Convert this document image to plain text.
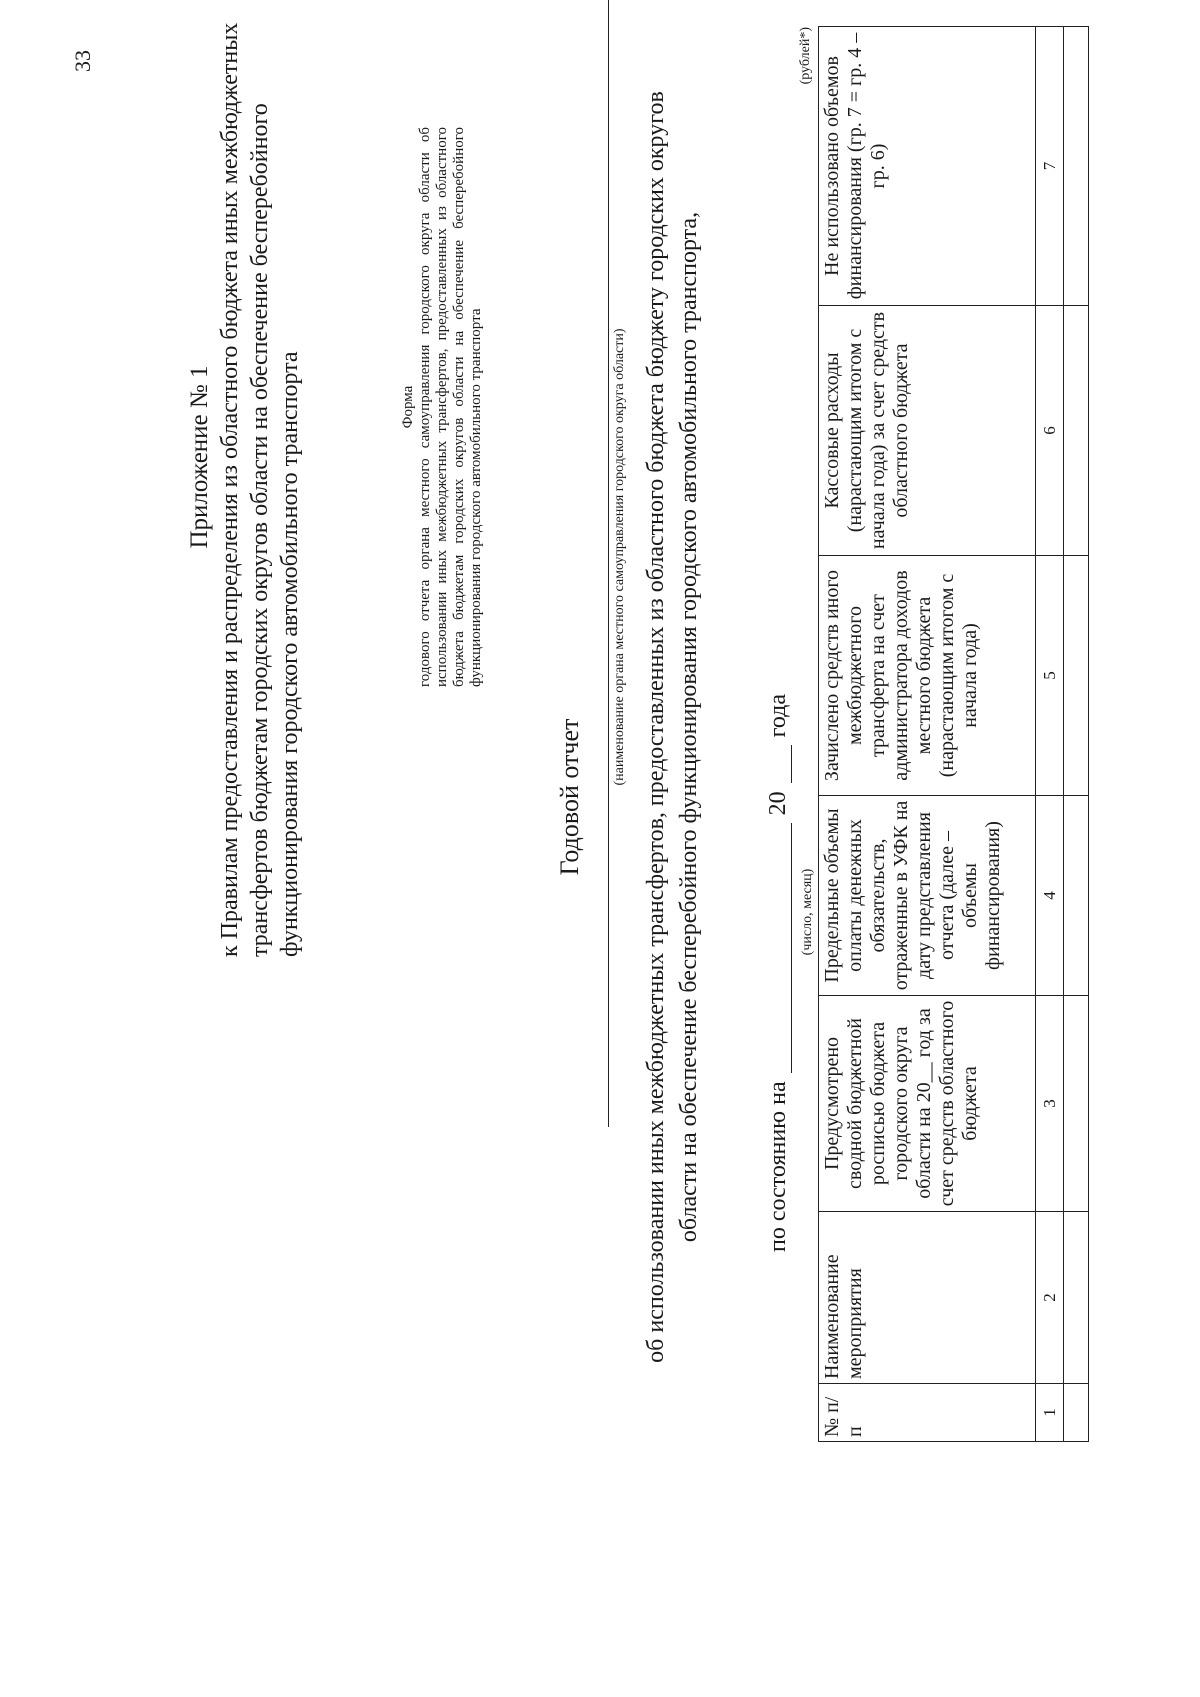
33
Приложение № 1 к Правилам предоставления и распределения из областного бюджета иных межбюджетных трансфертов бюджетам городских округов области на обеспечение бесперебойного функционирования городского автомобильного транспорта	Форма годового отчета органа местного самоуправления городского округа области об использовании иных межбюджетных трансфертов, предоставленных из областного бюджета бюджетам городских округов области на обеспечение бесперебойного функционирования городского автомобильного транспорта
Годовой отчет
(наименование органа местного самоуправления городского округа области) об использовании иных межбюджетных трансфертов, предоставленных из областного бюджета бюджету городских округов области на обеспечение бесперебойного функционирования городского автомобильного транспорта,	по состоянию на
20
года
(число, месяц)
(рублей*)
№ п/п	Наименование мероприятия	Предусмотрено сводной бюджетной росписью бюджета городского округа области на 20__ год за счет средств областного бюджета	Предельные объемы оплаты денежных обязательств, отраженные в УФК на дату представления отчета (далее – объемы финансирования)	Зачислено средств иного межбюджетного трансферта на счет администратора доходов местного бюджета (нарастающим итогом с начала года)	Кассовые расходы (нарастающим итогом с начала года) за счет средств областного бюджета	Не использовано объемов финансирования (гр. 7 = гр. 4 – гр. 6)
1	2	3	4	5	6	7
